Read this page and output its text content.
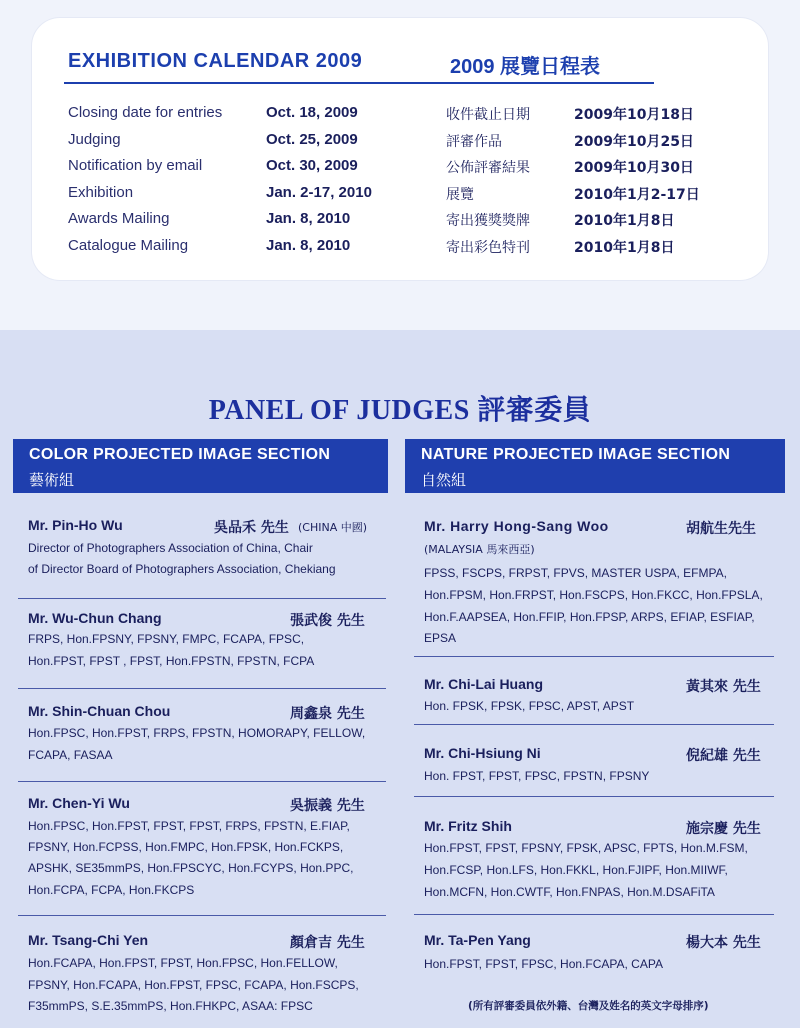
EXHIBITION CALENDAR 2009	2009 展覽日程表
Closing date for entries	Oct. 18, 2009	收件截止日期	2009年10月18日
Judging	Oct. 25, 2009	評審作品	2009年10月25日
Notification by email	Oct. 30, 2009	公佈評審結果	2009年10月30日
Exhibition	Jan. 2-17, 2010	展覽	2010年1月2-17日
Awards Mailing	Jan. 8, 2010	寄出獲獎獎牌	2010年1月8日
Catalogue Mailing	Jan. 8, 2010	寄出彩色特刊	2010年1月8日
PANEL OF JUDGES 評審委員
COLOR PROJECTED IMAGE SECTION
藝術組
NATURE PROJECTED IMAGE SECTION
自然組
Mr. Pin-Ho Wu	吳品禾 先生 (CHINA 中國)
Director of Photographers Association of China, Chair
of Director Board of Photographers Association, Chekiang
Mr. Wu-Chun Chang	張武俊 先生
FRPS, Hon.FPSNY, FPSNY, FMPC, FCAPA, FPSC,
Hon.FPST, FPST , FPST, Hon.FPSTN, FPSTN, FCPA
Mr. Shin-Chuan Chou	周鑫泉 先生
Hon.FPSC, Hon.FPST, FRPS, FPSTN, HOMORAPY, FELLOW,
FCAPA, FASAA
Mr. Chen-Yi Wu	吳振義 先生
Hon.FPSC, Hon.FPST, FPST, FPST, FRPS, FPSTN, E.FIAP,
FPSNY, Hon.FCPSS, Hon.FMPC, Hon.FPSK, Hon.FCKPS,
APSHK, SE35mmPS, Hon.FPSCYC, Hon.FCYPS, Hon.PPC,
Hon.FCPA, FCPA, Hon.FKCPS
Mr. Tsang-Chi Yen	顏倉吉 先生
Hon.FCAPA, Hon.FPST, FPST, Hon.FPSC, Hon.FELLOW,
FPSNY, Hon.FCAPA, Hon.FPST, FPSC, FCAPA, Hon.FSCPS,
F35mmPS, S.E.35mmPS, Hon.FHKPC, ASAA: FPSC
Mr. Harry Hong-Sang Woo	胡航生先生
(MALAYSIA 馬來西亞)
FPSS, FSCPS, FRPST, FPVS, MASTER USPA, EFMPA,
Hon.FPSM, Hon.FRPST, Hon.FSCPS, Hon.FKCC, Hon.FPSLA,
Hon.F.AAPSEA, Hon.FFIP, Hon.FPSP, ARPS, EFIAP, ESFIAP,
EPSA
Mr. Chi-Lai Huang	黃其來 先生
Hon. FPSK, FPSK, FPSC, APST, APST
Mr. Chi-Hsiung Ni	倪紀雄 先生
Hon. FPST, FPST, FPSC, FPSTN, FPSNY
Mr. Fritz Shih	施宗慶 先生
Hon.FPST, FPST, FPSNY, FPSK, APSC, FPTS, Hon.M.FSM,
Hon.FCSP, Hon.LFS, Hon.FKKL, Hon.FJIPF, Hon.MIIWF,
Hon.MCFN, Hon.CWTF, Hon.FNPAS, Hon.M.DSAFiTA
Mr. Ta-Pen Yang	楊大本 先生
Hon.FPST, FPST, FPSC, Hon.FCAPA, CAPA
(所有評審委員依外籍、台灣及姓名的英文字母排序)
